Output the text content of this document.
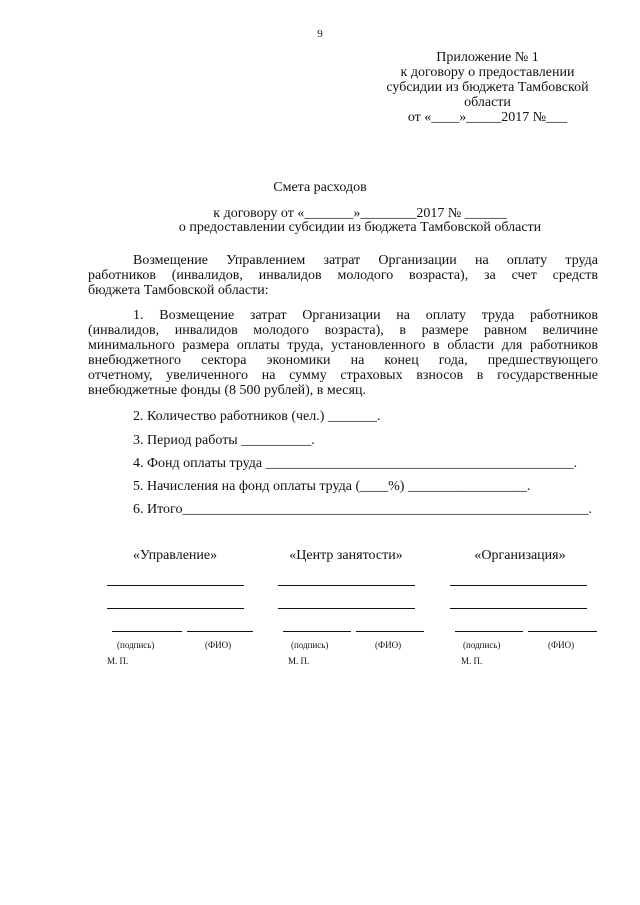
9
Приложение № 1
к договору о предоставлении
субсидии из бюджета Тамбовской
области
от «____»_____2017 №___
Смета расходов
к договору от «_______»________2017 № ______
о предоставлении субсидии из бюджета Тамбовской области
Возмещение Управлением затрат Организации на оплату труда
работников (инвалидов, инвалидов молодого возраста), за счет средств
бюджета Тамбовской области:
1. Возмещение затрат Организации на оплату труда работников
(инвалидов, инвалидов молодого возраста), в размере равном величине
минимального размера оплаты труда, установленного в области для работников
внебюджетного сектора экономики на конец года, предшествующего
отчетному, увеличенного на сумму страховых взносов в государственные
внебюджетные фонды (8 500 рублей), в месяц.
2. Количество работников (чел.) _______.
3. Период работы __________.
4. Фонд оплаты труда ____________________________________________.
5. Начисления на фонд оплаты труда (____%) _________________.
6. Итого__________________________________________________________.
«Управление»	«Центр занятости»	«Организация»
(подпись)	(ФИО)	(подпись)	(ФИО)	(подпись)	(ФИО)
М. П.	М. П.	М. П.
